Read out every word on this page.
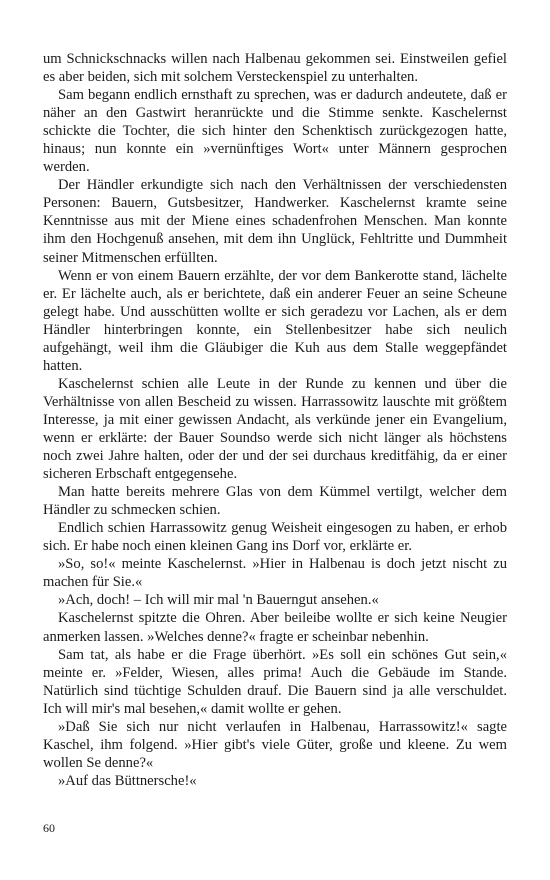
um Schnickschnacks willen nach Halbenau gekommen sei. Einstweilen gefiel es aber beiden, sich mit solchem Versteckenspiel zu unterhalten.

Sam begann endlich ernsthaft zu sprechen, was er dadurch andeutete, daß er näher an den Gastwirt heranrückte und die Stimme senkte. Kaschelernst schickte die Tochter, die sich hinter den Schenktisch zurückgezogen hatte, hinaus; nun konnte ein »vernünftiges Wort« unter Männern gesprochen werden.

Der Händler erkundigte sich nach den Verhältnissen der verschiedensten Personen: Bauern, Gutsbesitzer, Handwerker. Kaschelernst kramte seine Kenntnisse aus mit der Miene eines schadenfrohen Menschen. Man konnte ihm den Hochgenuß ansehen, mit dem ihn Unglück, Fehltritte und Dummheit seiner Mitmenschen erfüllten.

Wenn er von einem Bauern erzählte, der vor dem Bankerotte stand, lächelte er. Er lächelte auch, als er berichtete, daß ein anderer Feuer an seine Scheune gelegt habe. Und ausschütten wollte er sich geradezu vor Lachen, als er dem Händler hinterbringen konnte, ein Stellenbesitzer habe sich neulich aufgehängt, weil ihm die Gläubiger die Kuh aus dem Stalle weggepfändet hatten.

Kaschelernst schien alle Leute in der Runde zu kennen und über die Verhältnisse von allen Bescheid zu wissen. Harrassowitz lauschte mit größtem Interesse, ja mit einer gewissen Andacht, als verkünde jener ein Evangelium, wenn er erklärte: der Bauer Soundso werde sich nicht länger als höchstens noch zwei Jahre halten, oder der und der sei durchaus kreditfähig, da er einer sicheren Erbschaft entgegensehe.

Man hatte bereits mehrere Glas von dem Kümmel vertilgt, welcher dem Händler zu schmecken schien.

Endlich schien Harrassowitz genug Weisheit eingesogen zu haben, er erhob sich. Er habe noch einen kleinen Gang ins Dorf vor, erklärte er.

»So, so!« meinte Kaschelernst. »Hier in Halbenau is doch jetzt nischt zu machen für Sie.«

»Ach, doch! – Ich will mir mal 'n Bauerngut ansehen.«

Kaschelernst spitzte die Ohren. Aber beileibe wollte er sich keine Neugier anmerken lassen. »Welches denne?« fragte er scheinbar nebenhin.

Sam tat, als habe er die Frage überhört. »Es soll ein schönes Gut sein,« meinte er. »Felder, Wiesen, alles prima! Auch die Gebäude im Stande. Natürlich sind tüchtige Schulden drauf. Die Bauern sind ja alle verschuldet. Ich will mir's mal besehen,« damit wollte er gehen.

»Daß Sie sich nur nicht verlaufen in Halbenau, Harrassowitz!« sagte Kaschel, ihm folgend. »Hier gibt's viele Güter, große und kleene. Zu wem wollen Se denne?«

»Auf das Büttnersche!«

60
